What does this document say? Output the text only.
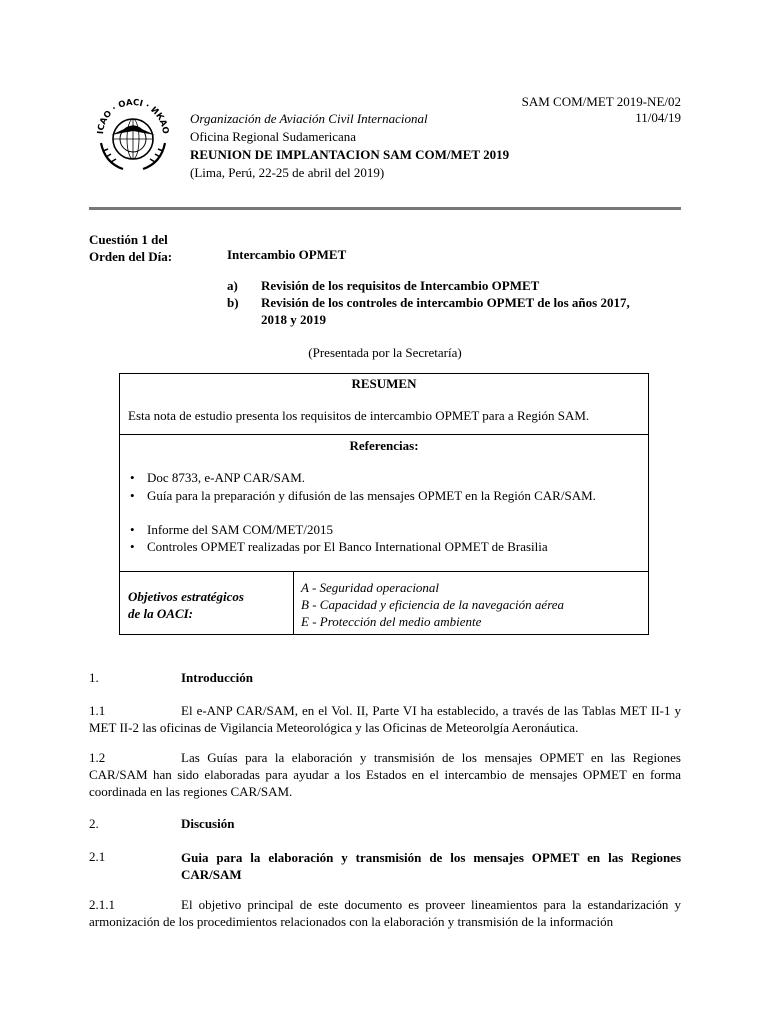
ICAO · OACI · ИКАО
SAM COM/MET 2019-NE/02
11/04/19
Organización de Aviación Civil Internacional
Oficina Regional Sudamericana
REUNION DE IMPLANTACION SAM COM/MET 2019
(Lima, Perú, 22-25 de abril del 2019)
Cuestión 1 del
Orden del Día:	Intercambio OPMET
a) Revisión de los requisitos de Intercambio OPMET
b) Revisión de los controles de intercambio OPMET de los años 2017,
2018 y 2019
(Presentada por la Secretaría)
RESUMEN
Esta nota de estudio presenta los requisitos de intercambio OPMET para a Región SAM.
Referencias:
• Doc 8733, e-ANP CAR/SAM.
• Guía para la preparación y difusión de las mensajes OPMET en la Región CAR/SAM.
• Informe del SAM COM/MET/2015
• Controles OPMET realizadas por El Banco International OPMET de Brasilia
Objetivos estratégicos
de la OACI:
A - Seguridad operacional
B - Capacidad y eficiencia de la navegación aérea
E - Protección del medio ambiente
1.	Introducción
1.1	El e-ANP CAR/SAM, en el Vol. II, Parte VI ha establecido, a través de las Tablas MET II-1 y MET II-2 las oficinas de Vigilancia Meteorológica y las Oficinas de Meteorolgía Aeronáutica.
1.2	Las Guías para la elaboración y transmisión de los mensajes OPMET en las Regiones CAR/SAM han sido elaboradas para ayudar a los Estados en el intercambio de mensajes OPMET en forma coordinada en las regiones CAR/SAM.
2.	Discusión
2.1	Guia para la elaboración y transmisión de los mensajes OPMET en las Regiones
CAR/SAM
2.1.1	El objetivo principal de este documento es proveer lineamientos para la estandarización y armonización de los procedimientos relacionados con la elaboración y transmisión de la información
